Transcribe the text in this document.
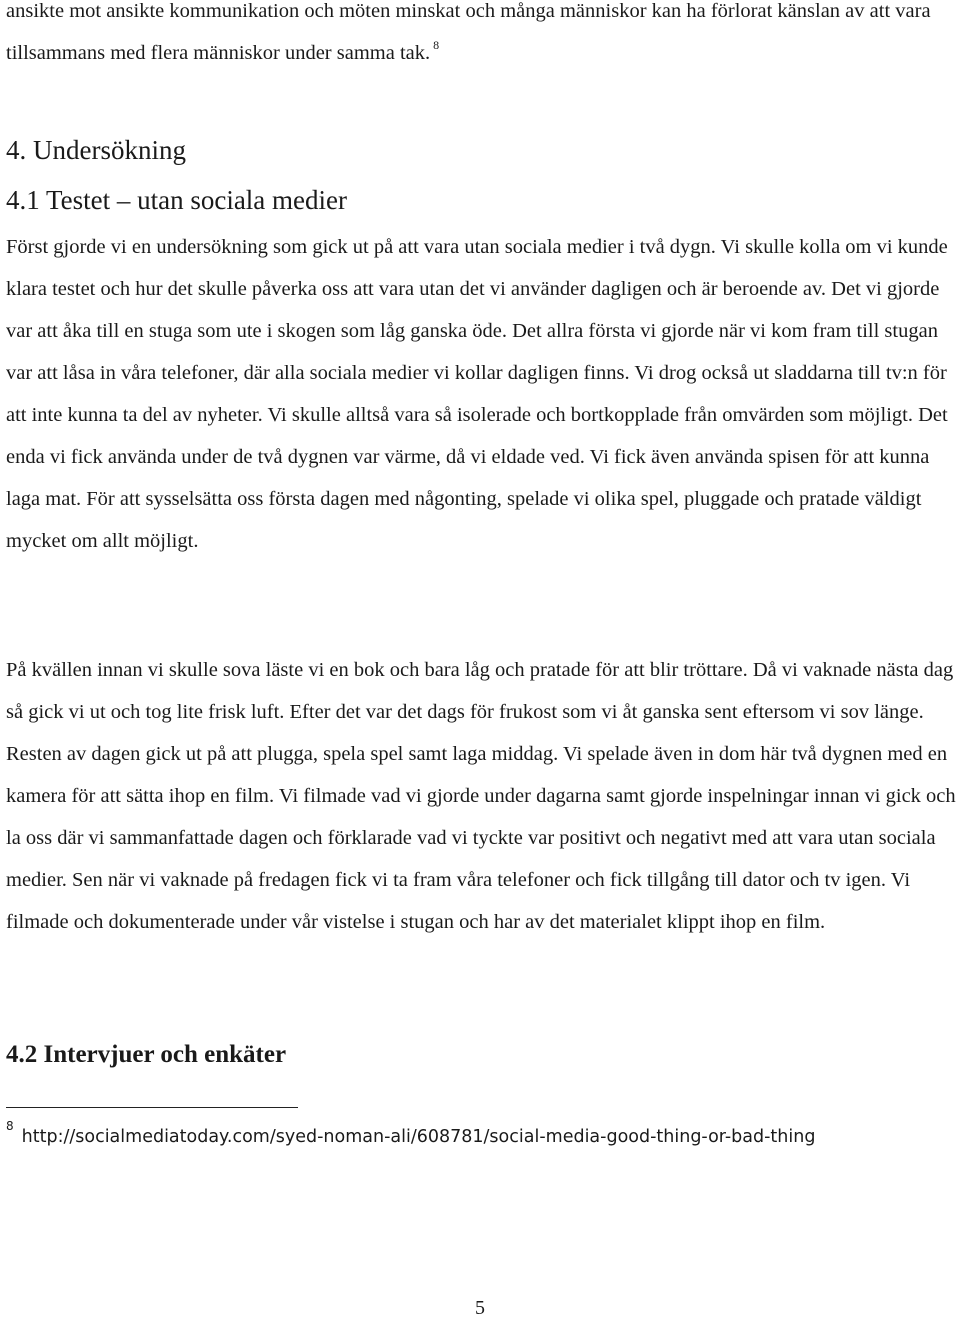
ansikte mot ansikte kommunikation och möten minskat och många människor kan ha förlorat känslan av att vara tillsammans med flera människor under samma tak. $^8$

4. Undersökning
4.1 Testet – utan sociala medier

Först gjorde vi en undersökning som gick ut på att vara utan sociala medier i två dygn. Vi skulle kolla om vi kunde klara testet och hur det skulle påverka oss att vara utan det vi använder dagligen och är beroende av. Det vi gjorde var att åka till en stuga som ute i skogen som låg ganska öde. Det allra första vi gjorde när vi kom fram till stugan var att låsa in våra telefoner, där alla sociala medier vi kollar dagligen finns. Vi drog också ut sladdarna till tv:n för att inte kunna ta del av nyheter. Vi skulle alltså vara så isolerade och bortkopplade från omvärden som möjligt. Det enda vi fick använda under de två dygnen var värme, då vi eldade ved. Vi fick även använda spisen för att kunna laga mat. För att sysselsätta oss första dagen med någonting, spelade vi olika spel, pluggade och pratade väldigt mycket om allt möjligt.

På kvällen innan vi skulle sova läste vi en bok och bara låg och pratade för att blir tröttare. Då vi vaknade nästa dag så gick vi ut och tog lite frisk luft. Efter det var det dags för frukost som vi åt ganska sent eftersom vi sov länge. Resten av dagen gick ut på att plugga, spela spel samt laga middag. Vi spelade även in dom här två dygnen med en kamera för att sätta ihop en film. Vi filmade vad vi gjorde under dagarna samt gjorde inspelningar innan vi gick och la oss där vi sammanfattade dagen och förklarade vad vi tyckte var positivt och negativt med att vara utan sociala medier. Sen när vi vaknade på fredagen fick vi ta fram våra telefoner och fick tillgång till dator och tv igen. Vi filmade och dokumenterade under vår vistelse i stugan och har av det materialet klippt ihop en film.

4.2 Intervjuer och enkäter

$^8$http://socialmediatoday.com/syed-noman-ali/608781/social-media-good-thing-or-bad-thing

5
